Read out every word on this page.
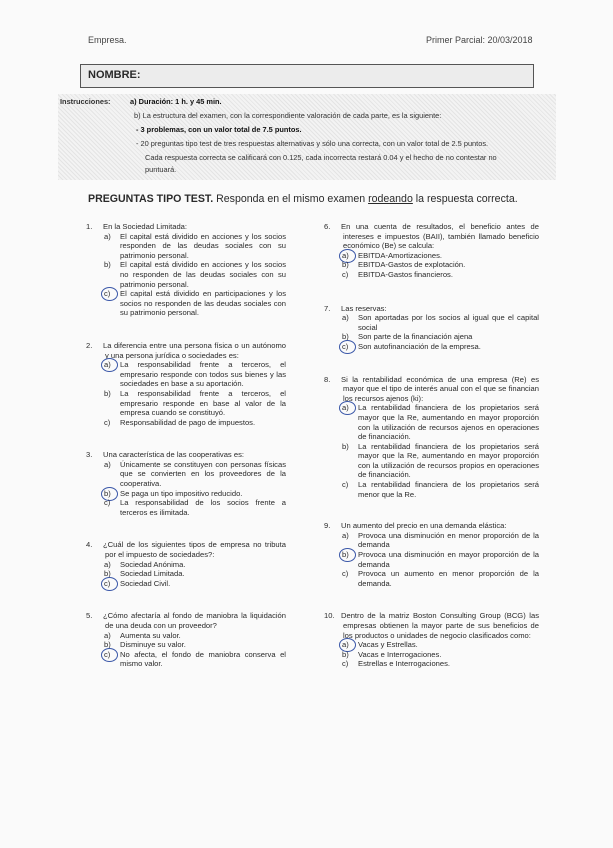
Empresa.	Primer Parcial: 20/03/2018
NOMBRE:
Instrucciones:	a) Duración: 1 h. y 45 min.
b) La estructura del examen, con la correspondiente valoración de cada parte, es la siguiente:
- 3 problemas, con un valor total de 7.5 puntos.
- 20 preguntas tipo test de tres respuestas alternativas y sólo una correcta, con un valor total de 2.5 puntos.
Cada respuesta correcta se calificará con 0.125, cada incorrecta restará 0.04 y el hecho de no contestar no
puntuará.
PREGUNTAS TIPO TEST. Responda en el mismo examen rodeando la respuesta correcta.
1. En la Sociedad Limitada:
a)	El capital está dividido en acciones y los socios responden de las deudas sociales con su patrimonio personal.
b)	El capital está dividido en acciones y los socios no responden de las deudas sociales con su patrimonio personal.
c)	El capital está dividido en participaciones y los socios no responden de las deudas sociales con su patrimonio personal.
2. La diferencia entre una persona física o un autónomo y una persona jurídica o sociedades es:
a)	La responsabilidad frente a terceros, el empresario responde con todos sus bienes y las sociedades en base a su aportación.
b)	La responsabilidad frente a terceros, el empresario responde en base al valor de la empresa cuando se constituyó.
c)	Responsabilidad de pago de impuestos.
3. Una característica de las cooperativas es:
a)	Únicamente se constituyen con personas físicas que se convierten en los proveedores de la cooperativa.
b)	Se paga un tipo impositivo reducido.
c)	La responsabilidad de los socios frente a terceros es ilimitada.
4. ¿Cuál de los siguientes tipos de empresa no tributa por el impuesto de sociedades?:
a)	Sociedad Anónima.
b)	Sociedad Limitada.
c)	Sociedad Civil.
5. ¿Cómo afectaría al fondo de maniobra la liquidación de una deuda con un proveedor?
a)	Aumenta su valor.
b)	Disminuye su valor.
c)	No afecta, el fondo de maniobra conserva el mismo valor.
6. En una cuenta de resultados, el beneficio antes de intereses e impuestos (BAII), también llamado beneficio económico (Be) se calcula:
a)	EBITDA-Amortizaciones.
b)	EBITDA-Gastos de explotación.
c)	EBITDA-Gastos financieros.
7. Las reservas:
a)	Son aportadas por los socios al igual que el capital social
b)	Son parte de la financiación ajena
c)	Son autofinanciación de la empresa.
8. Si la rentabilidad económica de una empresa (Re) es mayor que el tipo de interés anual con el que se financian los recursos ajenos (ki):
a)	La rentabilidad financiera de los propietarios será mayor que la Re, aumentando en mayor proporción con la utilización de recursos ajenos en operaciones de financiación.
b)	La rentabilidad financiera de los propietarios será mayor que la Re, aumentando en mayor proporción con la utilización de recursos propios en operaciones de financiación.
c)	La rentabilidad financiera de los propietarios será menor que la Re.
9. Un aumento del precio en una demanda elástica:
a)	Provoca una disminución en menor proporción de la demanda
b)	Provoca una disminución en mayor proporción de la demanda
c)	Provoca un aumento en menor proporción de la demanda.
10. Dentro de la matriz Boston Consulting Group (BCG) las empresas obtienen la mayor parte de sus beneficios de los productos o unidades de negocio clasificados como:
a)	Vacas y Estrellas.
b)	Vacas e Interrogaciones.
c)	Estrellas e Interrogaciones.
